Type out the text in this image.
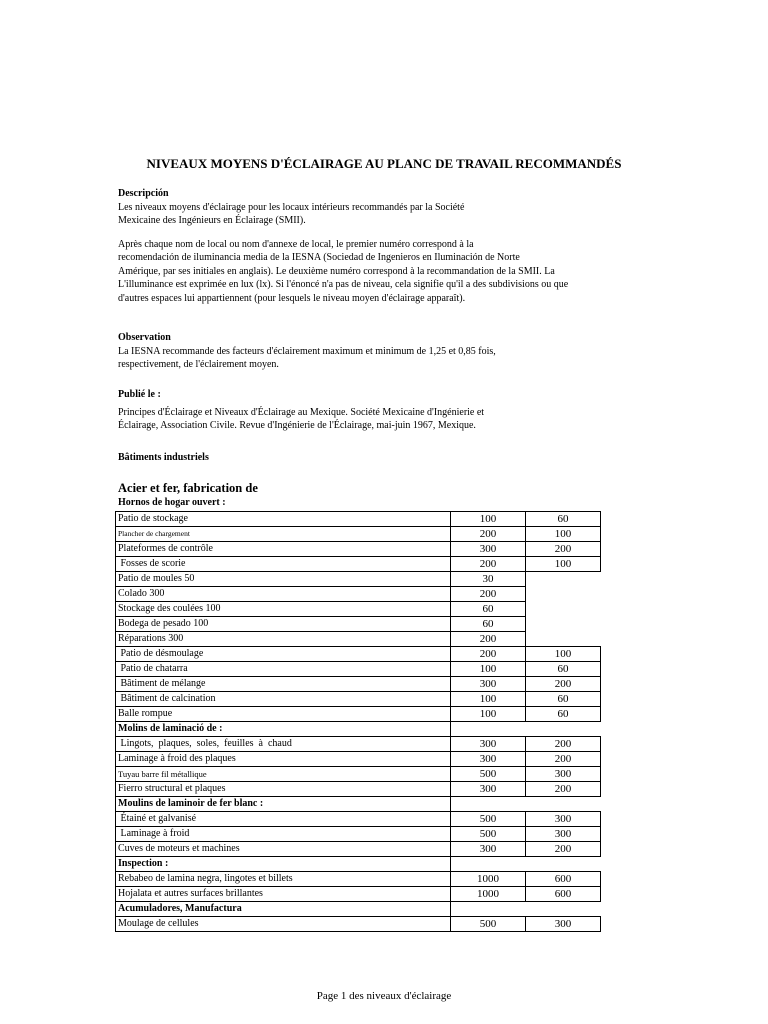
NIVEAUX MOYENS D'ÉCLAIRAGE AU PLANC DE TRAVAIL RECOMMANDÉS
Descripción
Les niveaux moyens d'éclairage pour les locaux intérieurs recommandés par la Société
Mexicaine des Ingénieurs en Éclairage (SMII).
Après chaque nom de local ou nom d'annexe de local, le premier numéro correspond à la
recomendación de iluminancia media de la IESNA (Sociedad de Ingenieros en Iluminación de Norte
Amérique, par ses initiales en anglais). Le deuxième numéro correspond à la recommandation de la SMII. La
L'illuminance est exprimée en lux (lx). Si l'énoncé n'a pas de niveau, cela signifie qu'il a des subdivisions ou que
d'autres espaces lui appartiennent (pour lesquels le niveau moyen d'éclairage apparaît).
Observation
La IESNA recommande des facteurs d'éclairement maximum et minimum de 1,25 et 0,85 fois,
respectivement, de l'éclairement moyen.
Publié le :
Principes d'Éclairage et Niveaux d'Éclairage au Mexique. Société Mexicaine d'Ingénierie et
Éclairage, Association Civile. Revue d'Ingénierie de l'Éclairage, mai-juin 1967, Mexique.
Bâtiments industriels
Acier et fer, fabrication de
Hornos de hogar ouvert :
Patio de stockage	100	60
Plancher de chargement	200	100
Plateformes de contrôle	300	200
Fosses de scorie	200	100
Patio de moules 50	30	
Colado 300	200	
Stockage des coulées 100	60	
Bodega de pesado 100	60	
Réparations 300	200	
Patio de désmoulage	200	100
Patio de chatarra	100	60
Bâtiment de mélange	300	200
Bâtiment de calcination	100	60
Balle rompue	100	60
Molins de laminació de :		
Lingots,  plaques,  soles,  feuilles  à  chaud	300	200
Laminage à froid des plaques	300	200
Tuyau barre fil métallique	500	300
Fierro structural et plaques	300	200
Moulins de laminoir de fer blanc :		
Étainé et galvanisé	500	300
Laminage à froid	500	300
Cuves de moteurs et machines	300	200
Inspection :		
Rebabeo de lamina negra, lingotes et billets	1000	600
Hojalata et autres surfaces brillantes	1000	600
Acumuladores, Manufactura		
Moulage de cellules	500	300
Page 1 des niveaux d'éclairage
